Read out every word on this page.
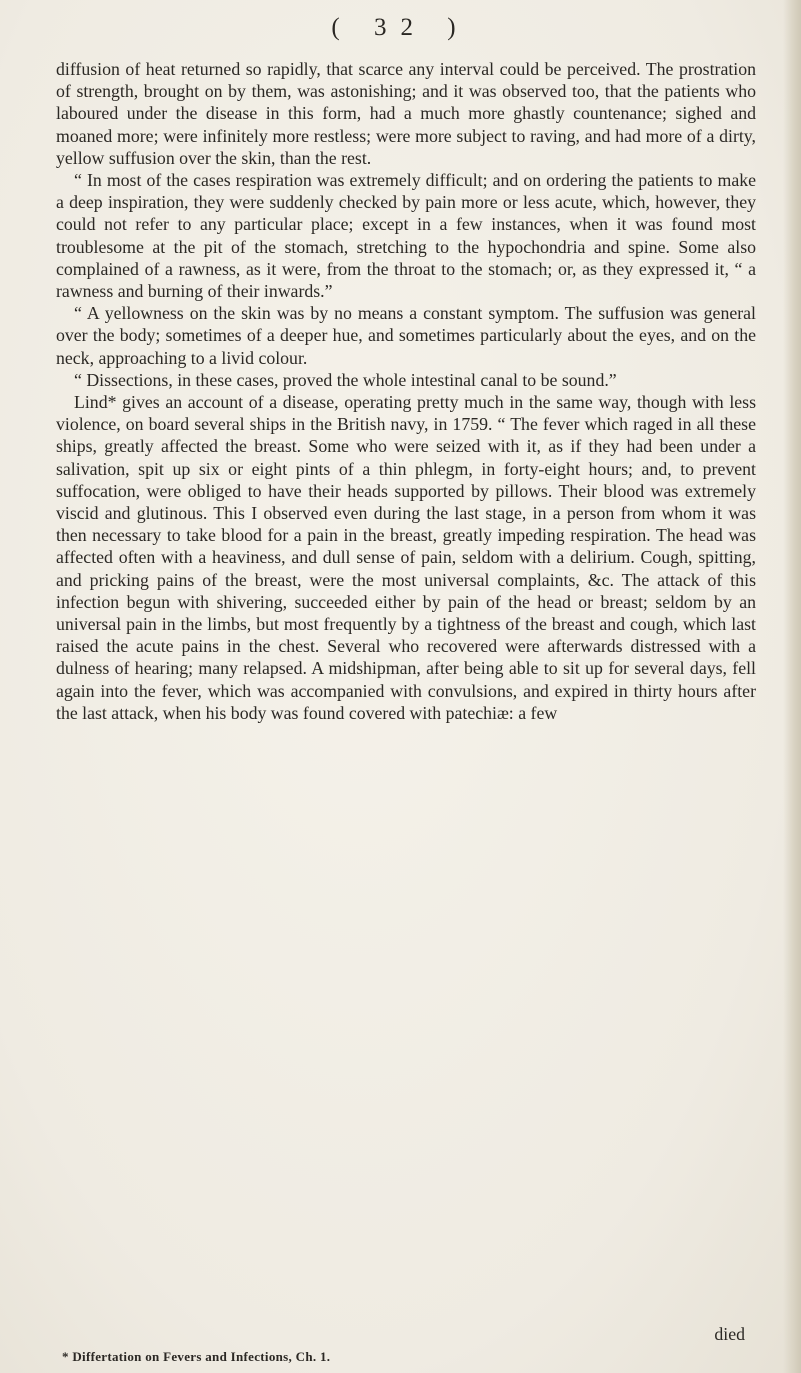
( 32 )

diffusion of heat returned so rapidly, that scarce any interval could be perceived. The prostration of strength, brought on by them, was astonishing; and it was observed too, that the patients who laboured under the disease in this form, had a much more ghastly countenance; sighed and moaned more; were infinitely more restless; were more subject to raving, and had more of a dirty, yellow suffusion over the skin, than the rest.

“ In most of the cases respiration was extremely difficult; and on ordering the patients to make a deep inspiration, they were suddenly checked by pain more or less acute, which, however, they could not refer to any particular place; except in a few instances, when it was found most troublesome at the pit of the stomach, stretching to the hypochondria and spine. Some also complained of a rawness, as it were, from the throat to the stomach; or, as they expressed it, “ a rawness and burning of their inwards.”

“ A yellowness on the skin was by no means a constant symptom. The suffusion was general over the body; sometimes of a deeper hue, and sometimes particularly about the eyes, and on the neck, approaching to a livid colour.

“ Dissections, in these cases, proved the whole intestinal canal to be sound.”

Lind* gives an account of a disease, operating pretty much in the same way, though with less violence, on board several ships in the British navy, in 1759. “ The fever which raged in all these ships, greatly affected the breast. Some who were seized with it, as if they had been under a salivation, spit up six or eight pints of a thin phlegm, in forty-eight hours; and, to prevent suffocation, were obliged to have their heads supported by pillows. Their blood was extremely viscid and glutinous. This I observed even during the last stage, in a person from whom it was then necessary to take blood for a pain in the breast, greatly impeding respiration. The head was affected often with a heaviness, and dull sense of pain, seldom with a delirium. Cough, spitting, and pricking pains of the breast, were the most universal complaints, &c. The attack of this infection begun with shivering, succeeded either by pain of the head or breast; seldom by an universal pain in the limbs, but most frequently by a tightness of the breast and cough, which last raised the acute pains in the chest. Several who recovered were afterwards distressed with a dulness of hearing; many relapsed. A midshipman, after being able to sit up for several days, fell again into the fever, which was accompanied with convulsions, and expired in thirty hours after the last attack, when his body was found covered with patechiæ: a few

died
* Differtation on Fevers and Infections, Ch. 1.
